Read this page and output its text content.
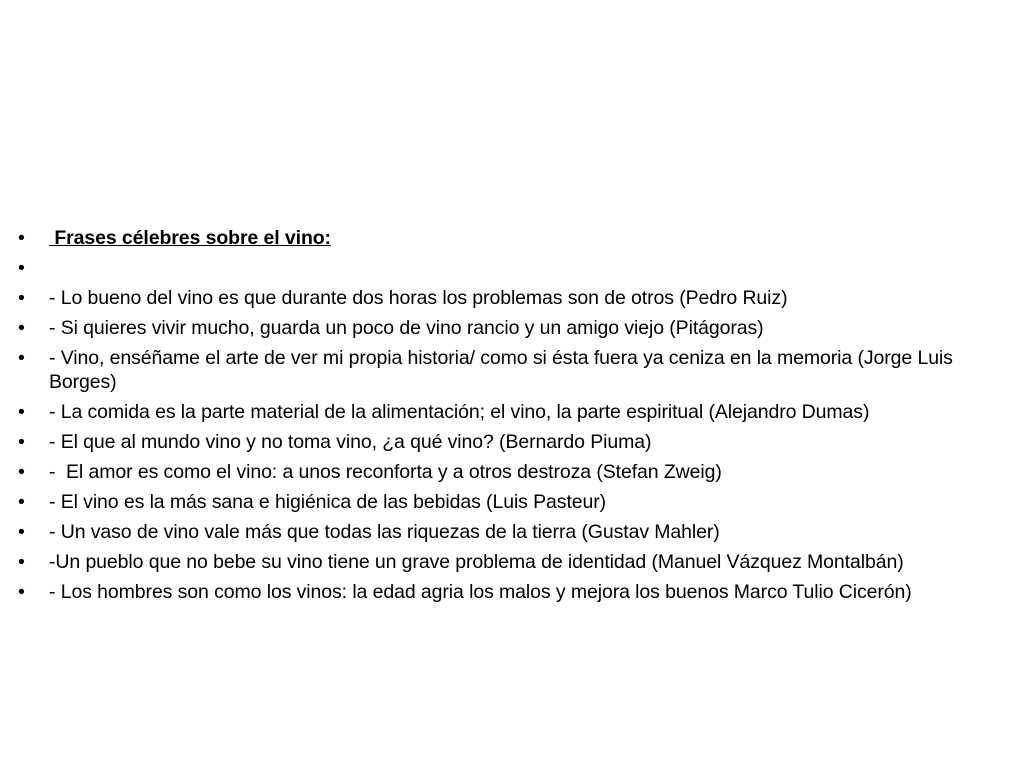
•	Frases célebres sobre el vino:
•
•	- Lo bueno del vino es que durante dos horas los problemas son de otros (Pedro Ruiz)
•	- Si quieres vivir mucho, guarda un poco de vino rancio y un amigo viejo (Pitágoras)
•	- Vino, enséñame el arte de ver mi propia historia/ como si ésta fuera ya ceniza en la memoria (Jorge Luis Borges)
•	- La comida es la parte material de la alimentación; el vino, la parte espiritual (Alejandro Dumas)
•	- El que al mundo vino y no toma vino, ¿a qué vino? (Bernardo Piuma)
•	-  El amor es como el vino: a unos reconforta y a otros destroza (Stefan Zweig)
•	- El vino es la más sana e higiénica de las bebidas (Luis Pasteur)
•	- Un vaso de vino vale más que todas las riquezas de la tierra (Gustav Mahler)
•	-Un pueblo que no bebe su vino tiene un grave problema de identidad (Manuel Vázquez Montalbán)
•	- Los hombres son como los vinos: la edad agria los malos y mejora los buenos Marco Tulio Cicerón)
